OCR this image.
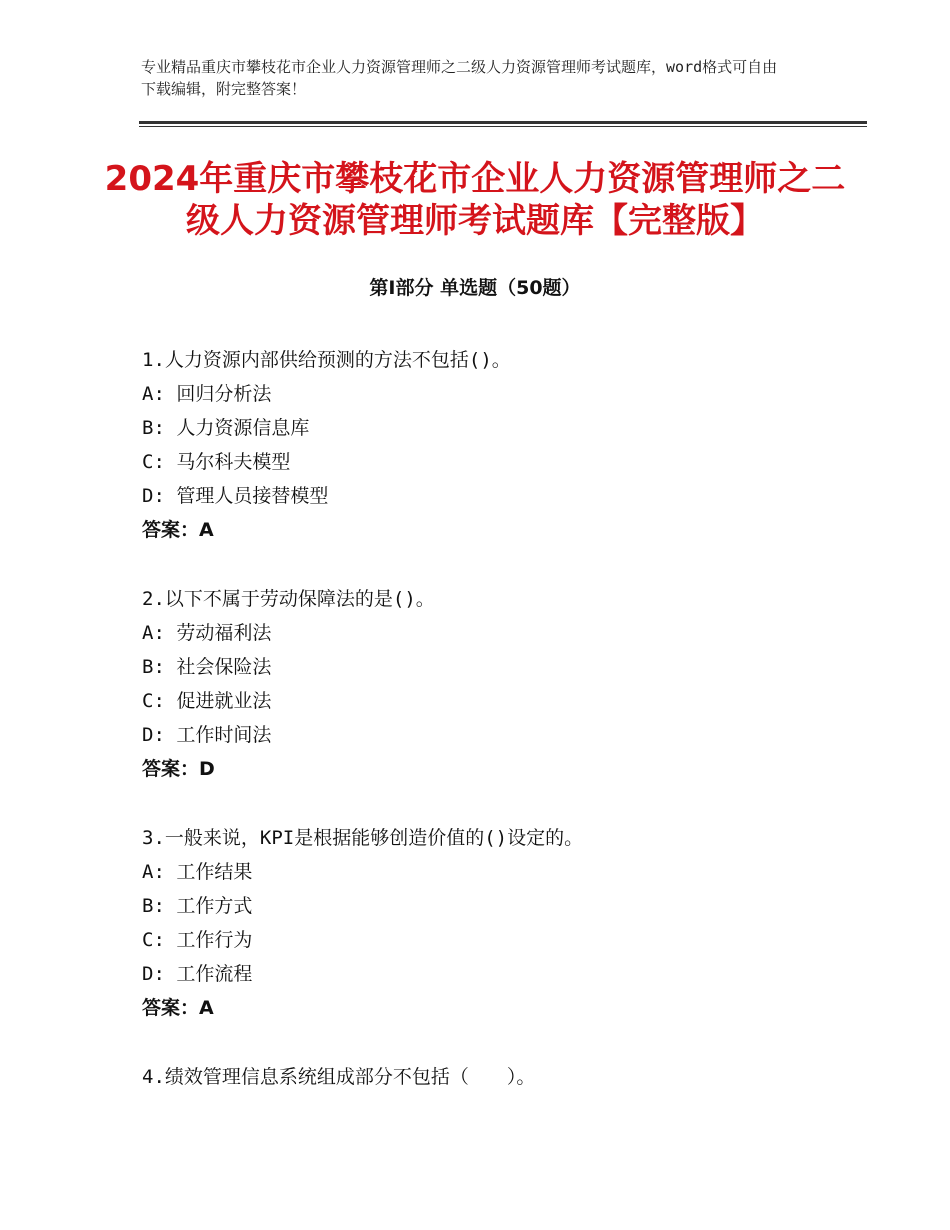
专业精品重庆市攀枝花市企业人力资源管理师之二级人力资源管理师考试题库，word格式可自由下载编辑，附完整答案！
2024年重庆市攀枝花市企业人力资源管理师之二级人力资源管理师考试题库【完整版】
第Ⅰ部分 单选题（50题）
1.人力资源内部供给预测的方法不包括()。
A: 回归分析法
B: 人力资源信息库
C: 马尔科夫模型
D: 管理人员接替模型
答案：A
2.以下不属于劳动保障法的是()。
A: 劳动福利法
B: 社会保险法
C: 促进就业法
D: 工作时间法
答案：D
3.一般来说，KPI是根据能够创造价值的()设定的。
A: 工作结果
B: 工作方式
C: 工作行为
D: 工作流程
答案：A
4.绩效管理信息系统组成部分不包括（　　）。
